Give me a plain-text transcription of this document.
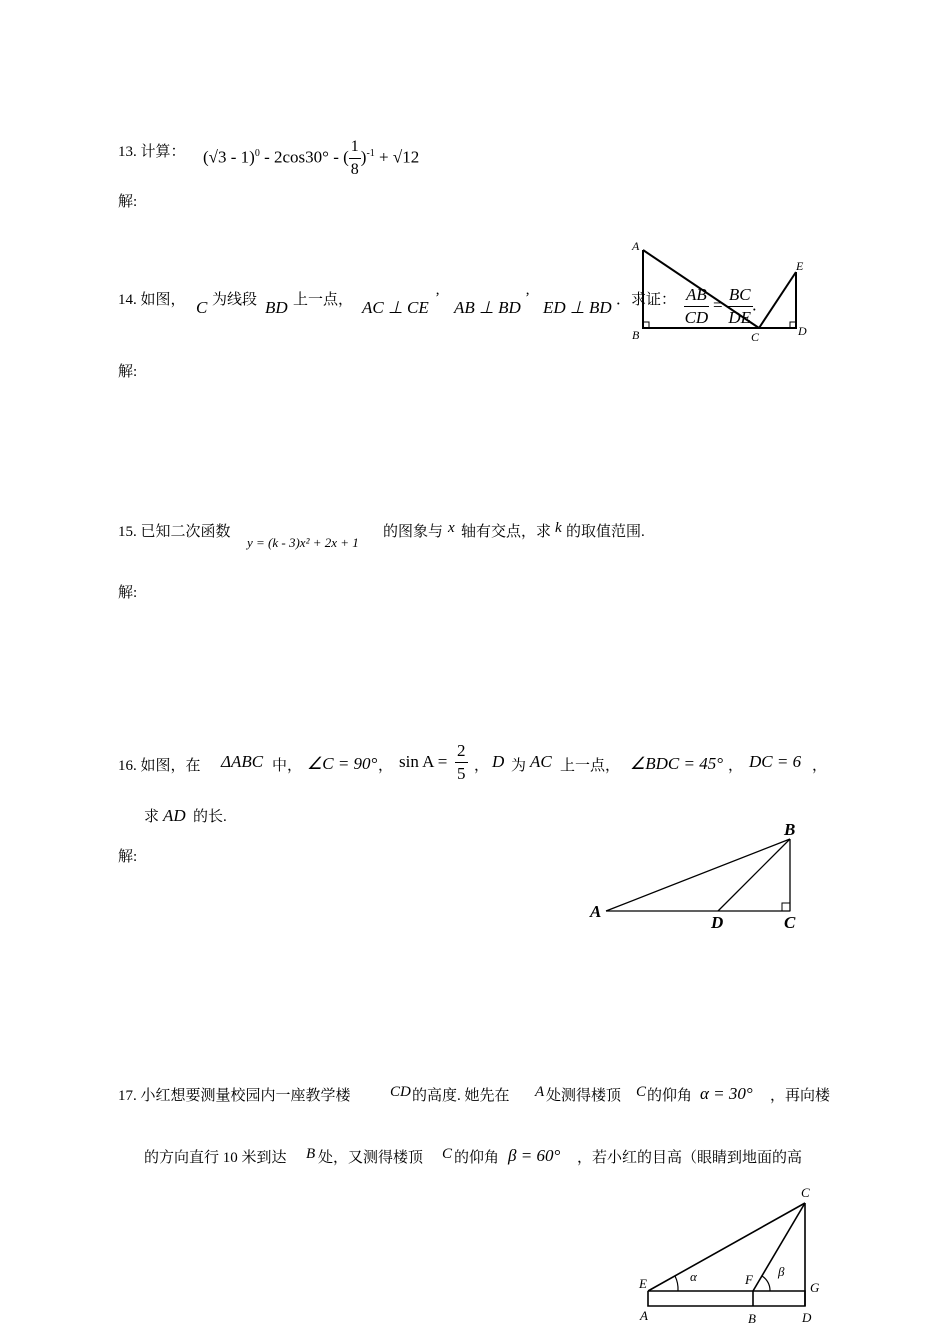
13. 计算： (√3 - 1)$^0$ - 2cos30° - ( $\frac{1}{8} )^{-1} + √12$
解:
14. 如图， C 为线段 BD 上一点， AC ⊥ CE ’ AB ⊥ BD ’ ED ⊥ BD ．求证： $\frac{AB}{CD} = \frac{BC}{DE}$ .
A
B	C	D
E
解:
15. 已知二次函数
y = (k - 3)x² + 2x + 1
的图象与 x 轴有交点，求 k 的取值范围.
解:
16. 如图，在 ΔABC 中， ∠C = 90° ， $\sin A = \frac{2}{5}$ ， D 为 AC 上一点， ∠BDC = 45° ， DC = 6 ，
求 AD 的长.
解:
A
B
C
D
17. 小红想要测量校园内一座教学楼	CD 的高度. 她先在 A 处测得楼顶 C 的仰角 α = 30° ，再向楼
的方向直行 10 米到达 B 处，又测得楼顶 C 的仰角 β = 60° ，若小红的目高（眼睛到地面的高
A	B
C
D
E	F
G
α	β
